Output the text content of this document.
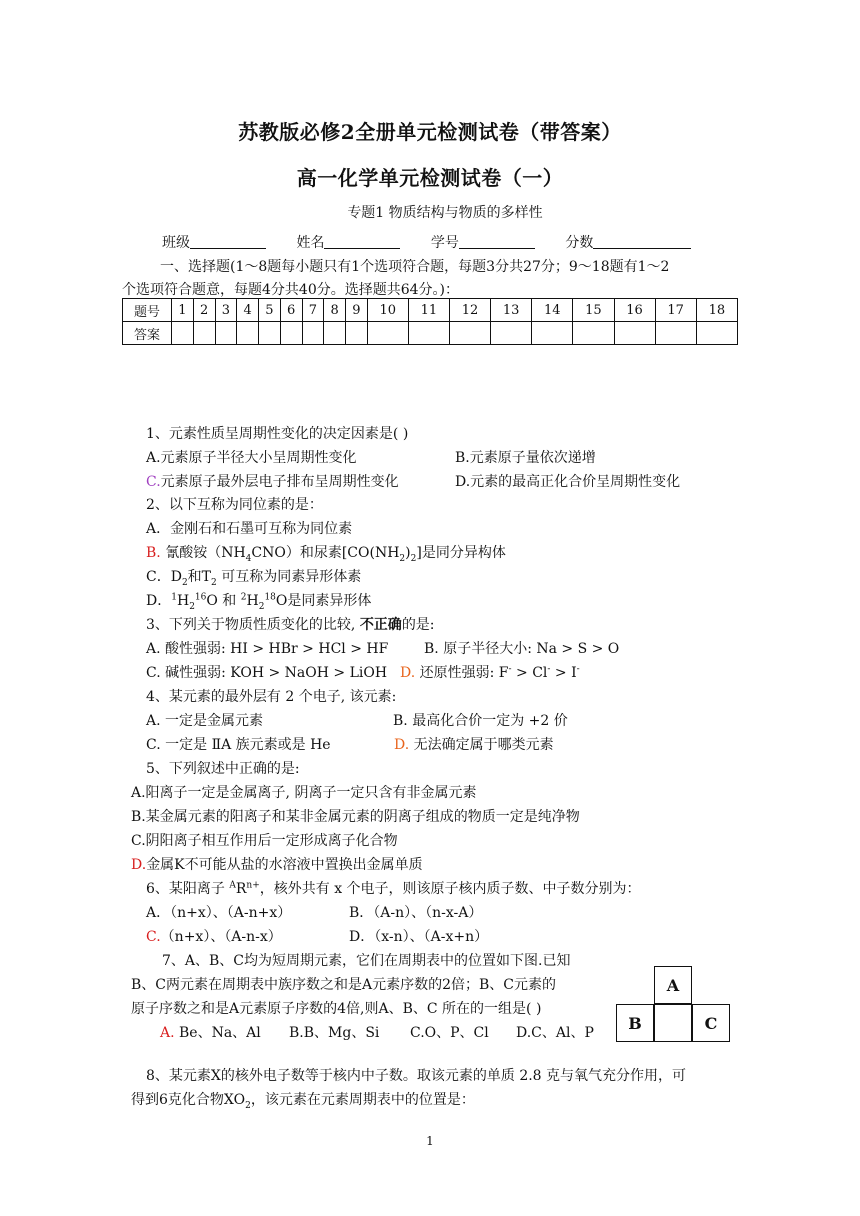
苏教版必修2全册单元检测试卷（带答案）
高一化学单元检测试卷（一）
专题1 物质结构与物质的多样性
班级	姓名	学号	分数
一、选择题(1～8题每小题只有1个选项符合题，每题3分共27分；9～18题有1～2
个选项符合题意，每题4分共40分。选择题共64分。)：
题号	1	2	3	4	5	6	7	8	9	10	11	12	13	14	15	16	17	18
答案																		
1、元素性质呈周期性变化的决定因素是( )
A.元素原子半径大小呈周期性变化	B.元素原子量依次递增
C.元素原子最外层电子排布呈周期性变化	D.元素的最高正化合价呈周期性变化
2、以下互称为同位素的是：
A．金刚石和石墨可互称为同位素
B. 氰酸铵$(NH_4CNO)$和尿素$[CO(NH_2)_2]$是同分异构体
C．$D_2$和$T_2$ 可互称为同素异形体素
D．$^1H_2^{16}O$ 和 $^2H_2^{18}O$是同素异形体
3、下列关于物质性质变化的比较, 不正确的是:
A. 酸性强弱: HI > HBr > HCl > HF	B. 原子半径大小: Na > S > O
C. 碱性强弱: KOH > NaOH > LiOH D. 还原性强弱: F- > Cl- > I-
4、某元素的最外层有 2 个电子, 该元素:
A. 一定是金属元素	B. 最高化合价一定为 +2 价
C. 一定是 ⅡA 族元素或是 He	D. 无法确定属于哪类元素
5、下列叙述中正确的是:
A.阳离子一定是金属离子, 阴离子一定只含有非金属元素
B.某金属元素的阳离子和某非金属元素的阴离子组成的物质一定是纯净物
C.阴阳离子相互作用后一定形成离子化合物
D.金属K不可能从盐的水溶液中置换出金属单质
6、某阳离子 $^AR^{n+}$，核外共有 x 个电子，则该原子核内质子数、中子数分别为：
A．（n+x）、（A-n+x）	B．（A-n）、（n-x-A）
C.（n+x）、（A-n-x）	D．（x-n）、（A-x+n）
7、A、B、C均为短周期元素，它们在周期表中的位置如下图.已知
B、C两元素在周期表中族序数之和是A元素序数的2倍；B、C元素的
原子序数之和是A元素原子序数的4倍,则A、B、C 所在的一组是( )
A. Be、Na、Al B.B、Mg、Si C.O、P、Cl D.C、Al、P
A
B	C
8、某元素X的核外电子数等于核内中子数。取该元素的单质 2.8 克与氧气充分作用，可
得到6克化合物$XO_2$，该元素在元素周期表中的位置是：
1
